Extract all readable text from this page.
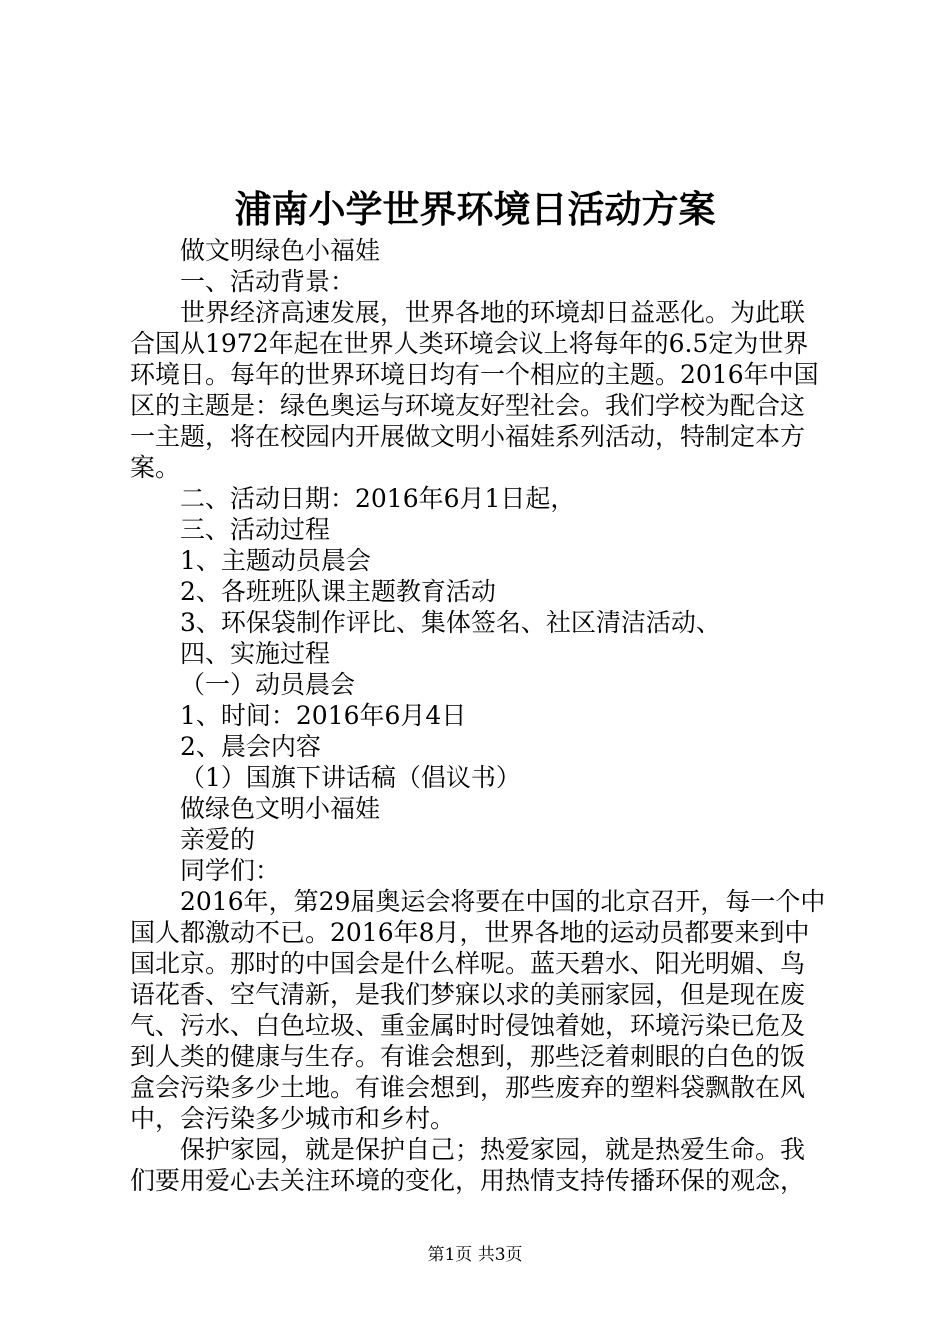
浦南小学世界环境日活动方案
做文明绿色小福娃
一、活动背景：
世界经济高速发展，世界各地的环境却日益恶化。为此联
合国从1972年起在世界人类环境会议上将每年的6.5定为世界
环境日。每年的世界环境日均有一个相应的主题。2016年中国
区的主题是：绿色奥运与环境友好型社会。我们学校为配合这
一主题，将在校园内开展做文明小福娃系列活动，特制定本方
案。
二、活动日期：2016年6月1日起，
三、活动过程
1、主题动员晨会
2、各班班队课主题教育活动
3、环保袋制作评比、集体签名、社区清洁活动、
四、实施过程
（一）动员晨会
1、时间：2016年6月4日
2、晨会内容
（1）国旗下讲话稿（倡议书）
做绿色文明小福娃
亲爱的
同学们：
2016年，第29届奥运会将要在中国的北京召开，每一个中
国人都激动不已。2016年8月，世界各地的运动员都要来到中
国北京。那时的中国会是什么样呢。蓝天碧水、阳光明媚、鸟
语花香、空气清新，是我们梦寐以求的美丽家园，但是现在废
气、污水、白色垃圾、重金属时时侵蚀着她，环境污染已危及
到人类的健康与生存。有谁会想到，那些泛着刺眼的白色的饭
盒会污染多少土地。有谁会想到，那些废弃的塑料袋飘散在风
中，会污染多少城市和乡村。
保护家园，就是保护自己；热爱家园，就是热爱生命。我
们要用爱心去关注环境的变化，用热情支持传播环保的观念，
第1页 共3页
